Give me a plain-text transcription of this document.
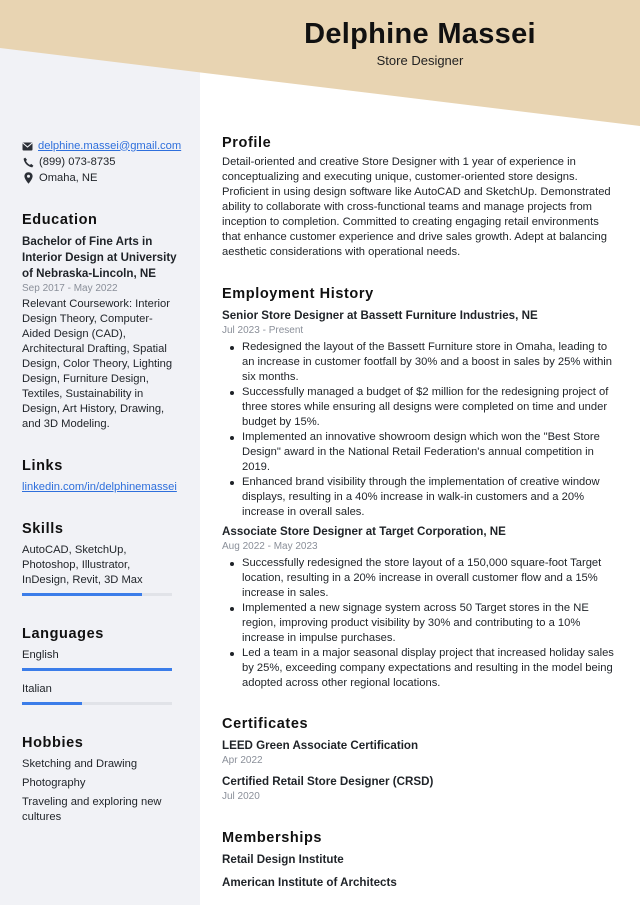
Delphine Massei
Store Designer
delphine.massei@gmail.com
(899) 073-8735
Omaha, NE
Education
Bachelor of Fine Arts in Interior Design at University of Nebraska-Lincoln, NE
Sep 2017 - May 2022
Relevant Coursework: Interior Design Theory, Computer-Aided Design (CAD), Architectural Drafting, Spatial Design, Color Theory, Lighting Design, Furniture Design, Textiles, Sustainability in Design, Art History, Drawing, and 3D Modeling.
Links
linkedin.com/in/delphinemassei
Skills
AutoCAD, SketchUp, Photoshop, Illustrator, InDesign, Revit, 3D Max
Languages
English
Italian
Hobbies
Sketching and Drawing
Photography
Traveling and exploring new cultures
Profile
Detail-oriented and creative Store Designer with 1 year of experience in conceptualizing and executing unique, customer-oriented store designs. Proficient in using design software like AutoCAD and SketchUp. Demonstrated ability to collaborate with cross-functional teams and manage projects from inception to completion. Committed to creating engaging retail environments that enhance customer experience and drive sales growth. Adept at balancing aesthetic considerations with operational needs.
Employment History
Senior Store Designer at Bassett Furniture Industries, NE
Jul 2023 - Present
Redesigned the layout of the Bassett Furniture store in Omaha, leading to an increase in customer footfall by 30% and a boost in sales by 25% within six months.
Successfully managed a budget of $2 million for the redesigning project of three stores while ensuring all designs were completed on time and under budget by 15%.
Implemented an innovative showroom design which won the "Best Store Design" award in the National Retail Federation's annual competition in 2019.
Enhanced brand visibility through the implementation of creative window displays, resulting in a 40% increase in walk-in customers and a 20% increase in overall sales.
Associate Store Designer at Target Corporation, NE
Aug 2022 - May 2023
Successfully redesigned the store layout of a 150,000 square-foot Target location, resulting in a 20% increase in overall customer flow and a 15% increase in sales.
Implemented a new signage system across 50 Target stores in the NE region, improving product visibility by 30% and contributing to a 10% increase in impulse purchases.
Led a team in a major seasonal display project that increased holiday sales by 25%, exceeding company expectations and resulting in the model being adopted across other regional locations.
Certificates
LEED Green Associate Certification
Apr 2022
Certified Retail Store Designer (CRSD)
Jul 2020
Memberships
Retail Design Institute
American Institute of Architects
